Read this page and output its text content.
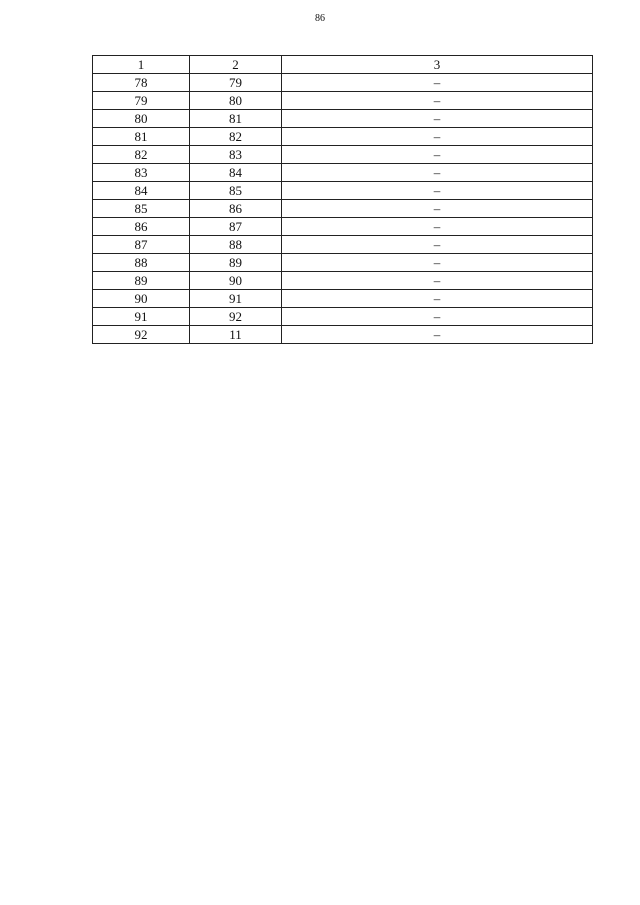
86
1	2	3
78	79	–
79	80	–
80	81	–
81	82	–
82	83	–
83	84	–
84	85	–
85	86	–
86	87	–
87	88	–
88	89	–
89	90	–
90	91	–
91	92	–
92	11	–
